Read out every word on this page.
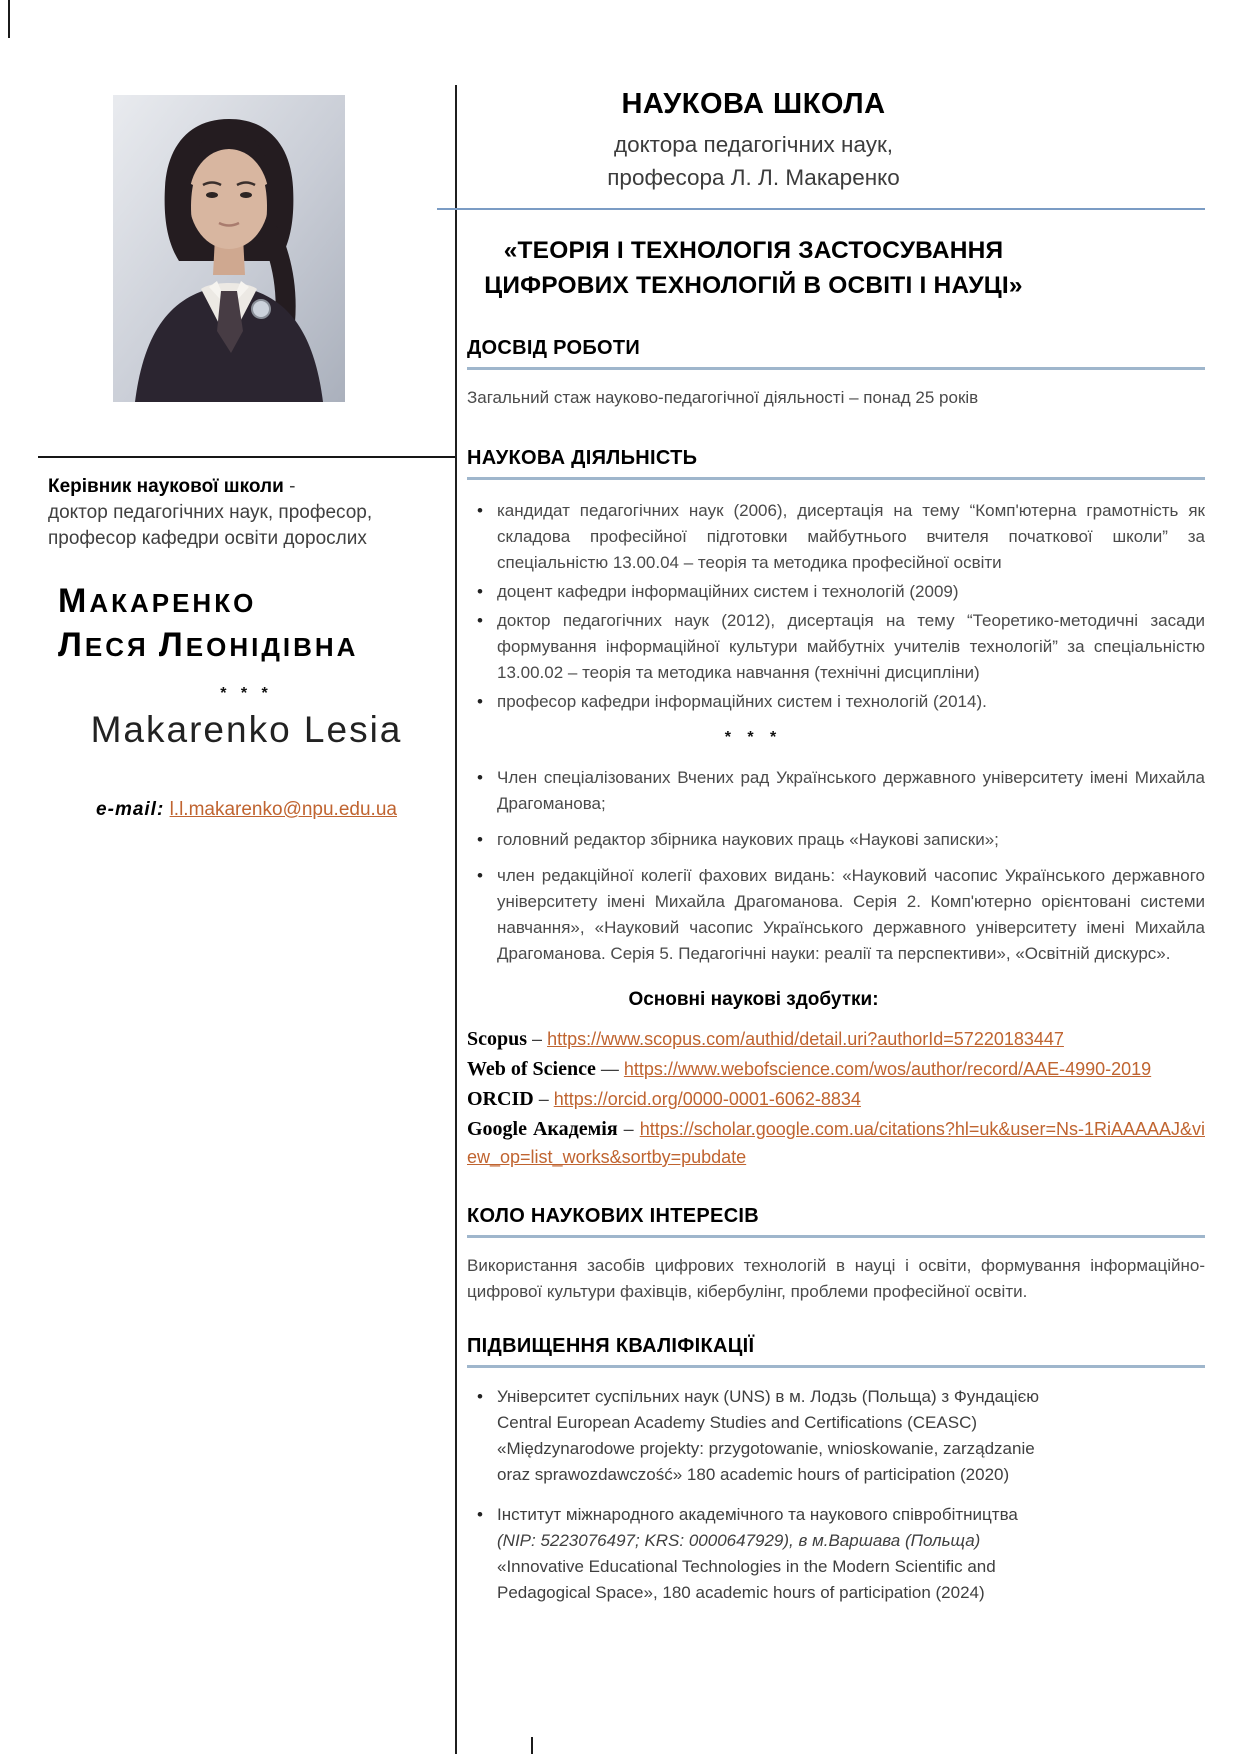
Керівник наукової школи -
доктор педагогічних наук, професор,
професор кафедри освіти дорослих

МАКАРЕНКО
ЛЕСЯ ЛЕОНІДІВНА

* * *

Makarenko Lesia

e-mail: l.l.makarenko@npu.edu.ua

НАУКОВА ШКОЛА

доктора педагогічних наук,
професора Л. Л. Макаренко

«ТЕОРІЯ І ТЕХНОЛОГІЯ ЗАСТОСУВАННЯ
ЦИФРОВИХ ТЕХНОЛОГІЙ В ОСВІТІ І НАУЦІ»
ДОСВІД РОБОТИ

Загальний стаж науково-педагогічної діяльності – понад 25 років

НАУКОВА ДІЯЛЬНІСТЬ
• кандидат педагогічних наук (2006), дисертація на тему “Комп'ютерна грамотність як складова професійної підготовки майбутнього вчителя початкової школи” за спеціальністю 13.00.04 – теорія та методика професійної освіти
• доцент кафедри інформаційних систем і технологій (2009)
• доктор педагогічних наук (2012), дисертація на тему “Теоретико-методичні засади формування інформаційної культури майбутніх учителів технологій” за спеціальністю 13.00.02 – теорія та методика навчання (технічні дисципліни)
• професор кафедри інформаційних систем і технологій (2014).

* * *

• Член спеціалізованих Вчених рад Українського державного університету імені Михайла Драгоманова;
• головний редактор збірника наукових праць «Наукові записки»;
• член редакційної колегії фахових видань: «Науковий часопис Українського державного університету імені Михайла Драгоманова. Серія 2. Комп'ютерно орієнтовані системи навчання», «Науковий часопис Українського державного університету імені Михайла Драгоманова. Серія 5. Педагогічні науки: реалії та перспективи», «Освітній дискурс».

Основні наукові здобутки:

Scopus – https://www.scopus.com/authid/detail.uri?authorId=57220183447

Web of Science — https://www.webofscience.com/wos/author/record/AAE-4990-2019

ORCID – https://orcid.org/0000-0001-6062-8834

Google Академія – https://scholar.google.com.ua/citations?hl=uk&user=Ns-1RiAAAAAJ&view_op=list_works&sortby=pubdate

КОЛО НАУКОВИХ ІНТЕРЕСІВ

Використання засобів цифрових технологій в науці і освіти, формування інформаційно-цифрової культури фахівців, кібербулінг, проблеми професійної освіти.

ПІДВИЩЕННЯ КВАЛІФІКАЦІЇ
• Університет суспільних наук (UNS) в м. Лодзь (Польща) з Фундацією Central European Academy Studies and Certifications (CEASC) «Międzynarodowe projekty: przygotowanie, wnioskowanie, zarządzanie oraz sprawozdawczość» 180 academic hours of participation (2020)
• Інститут міжнародного академічного та наукового співробітництва (NIP: 5223076497; KRS: 0000647929), в м.Варшава (Польща) «Innovative Educational Technologies in the Modern Scientific and Pedagogical Space», 180 academic hours of participation (2024)
